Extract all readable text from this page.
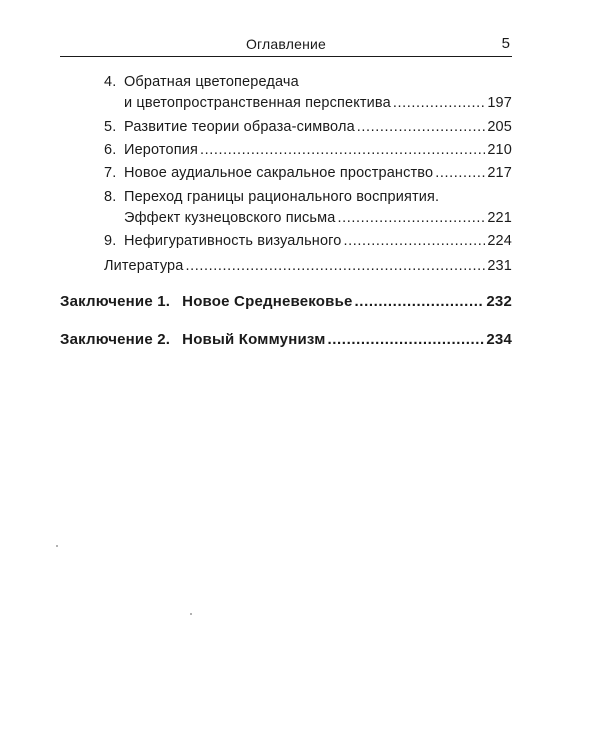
Оглавление	5
4. Обратная цветопередача
и цветопространственная перспектива .....	197
5. Развитие теории образа-символа .....	205
6. Иеротопия .....	210
7. Новое аудиальное сакральное пространство .....	217
8. Переход границы рационального восприятия.
Эффект кузнецовского письма .....	221
9. Нефигуративность визуального .....	224
Литература .....	231
Заключение 1. Новое Средневековье .....	232
Заключение 2. Новый Коммунизм .....	234
